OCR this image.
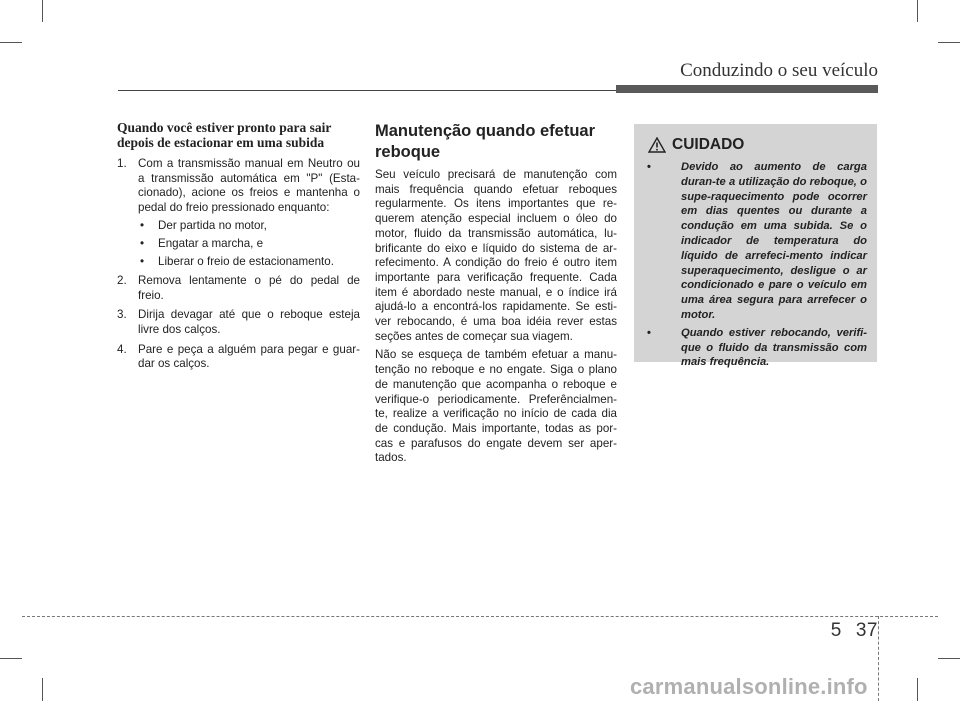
Conduzindo o seu veículo
Quando você estiver pronto para sair depois de estacionar em uma subida
1. Com a transmissão manual em Neutro ou a transmissão automática em "P" (Esta-cionado), acione os freios e mantenha o pedal do freio pressionado enquanto:
• Der partida no motor,
• Engatar a marcha, e
• Liberar o freio de estacionamento.
2. Remova lentamente o pé do pedal de freio.
3. Dirija devagar até que o reboque esteja livre dos calços.
4. Pare e peça a alguém para pegar e guar-dar os calços.
Manutenção quando efetuar reboque

Seu veículo precisará de manutenção com mais frequência quando efetuar reboques regularmente. Os itens importantes que re-querem atenção especial incluem o óleo do motor, fluido da transmissão automática, lu-brificante do eixo e líquido do sistema de ar-refecimento. A condição do freio é outro item importante para verificação frequente. Cada item é abordado neste manual, e o índice irá ajudá-lo a encontrá-los rapidamente. Se esti-ver rebocando, é uma boa idéia rever estas seções antes de começar sua viagem.

Não se esqueça de também efetuar a manu-tenção no reboque e no engate. Siga o plano de manutenção que acompanha o reboque e verifique-o periodicamente. Preferêncialmen-te, realize a verificação no início de cada dia de condução. Mais importante, todas as por-cas e parafusos do engate devem ser aper-tados.

CUIDADO
•	Devido ao aumento de carga duran-te a utilização do reboque, o supe-raquecimento pode ocorrer em dias quentes ou durante a condução em uma subida. Se o indicador de temperatura do líquido de arrefeci-mento indicar superaquecimento, desligue o ar condicionado e pare o veículo em uma área segura para arrefecer o motor.
•	Quando estiver rebocando, verifi-que o fluido da transmissão com mais frequência.
5 37
carmanualsonline.info
